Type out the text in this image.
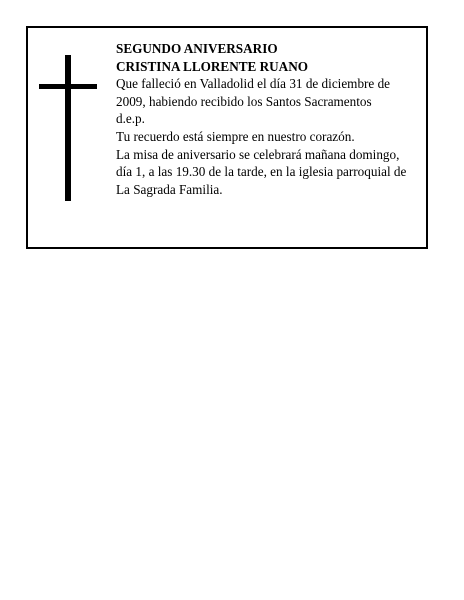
SEGUNDO ANIVERSARIO
CRISTINA LLORENTE RUANO
Que falleció en Valladolid el día 31 de diciembre de
2009, habiendo recibido los Santos Sacramentos
d.e.p.
Tu recuerdo está siempre en nuestro corazón.
La misa de aniversario se celebrará mañana domingo,
día 1, a las 19.30 de la tarde, en la iglesia parroquial de
La Sagrada Familia.
